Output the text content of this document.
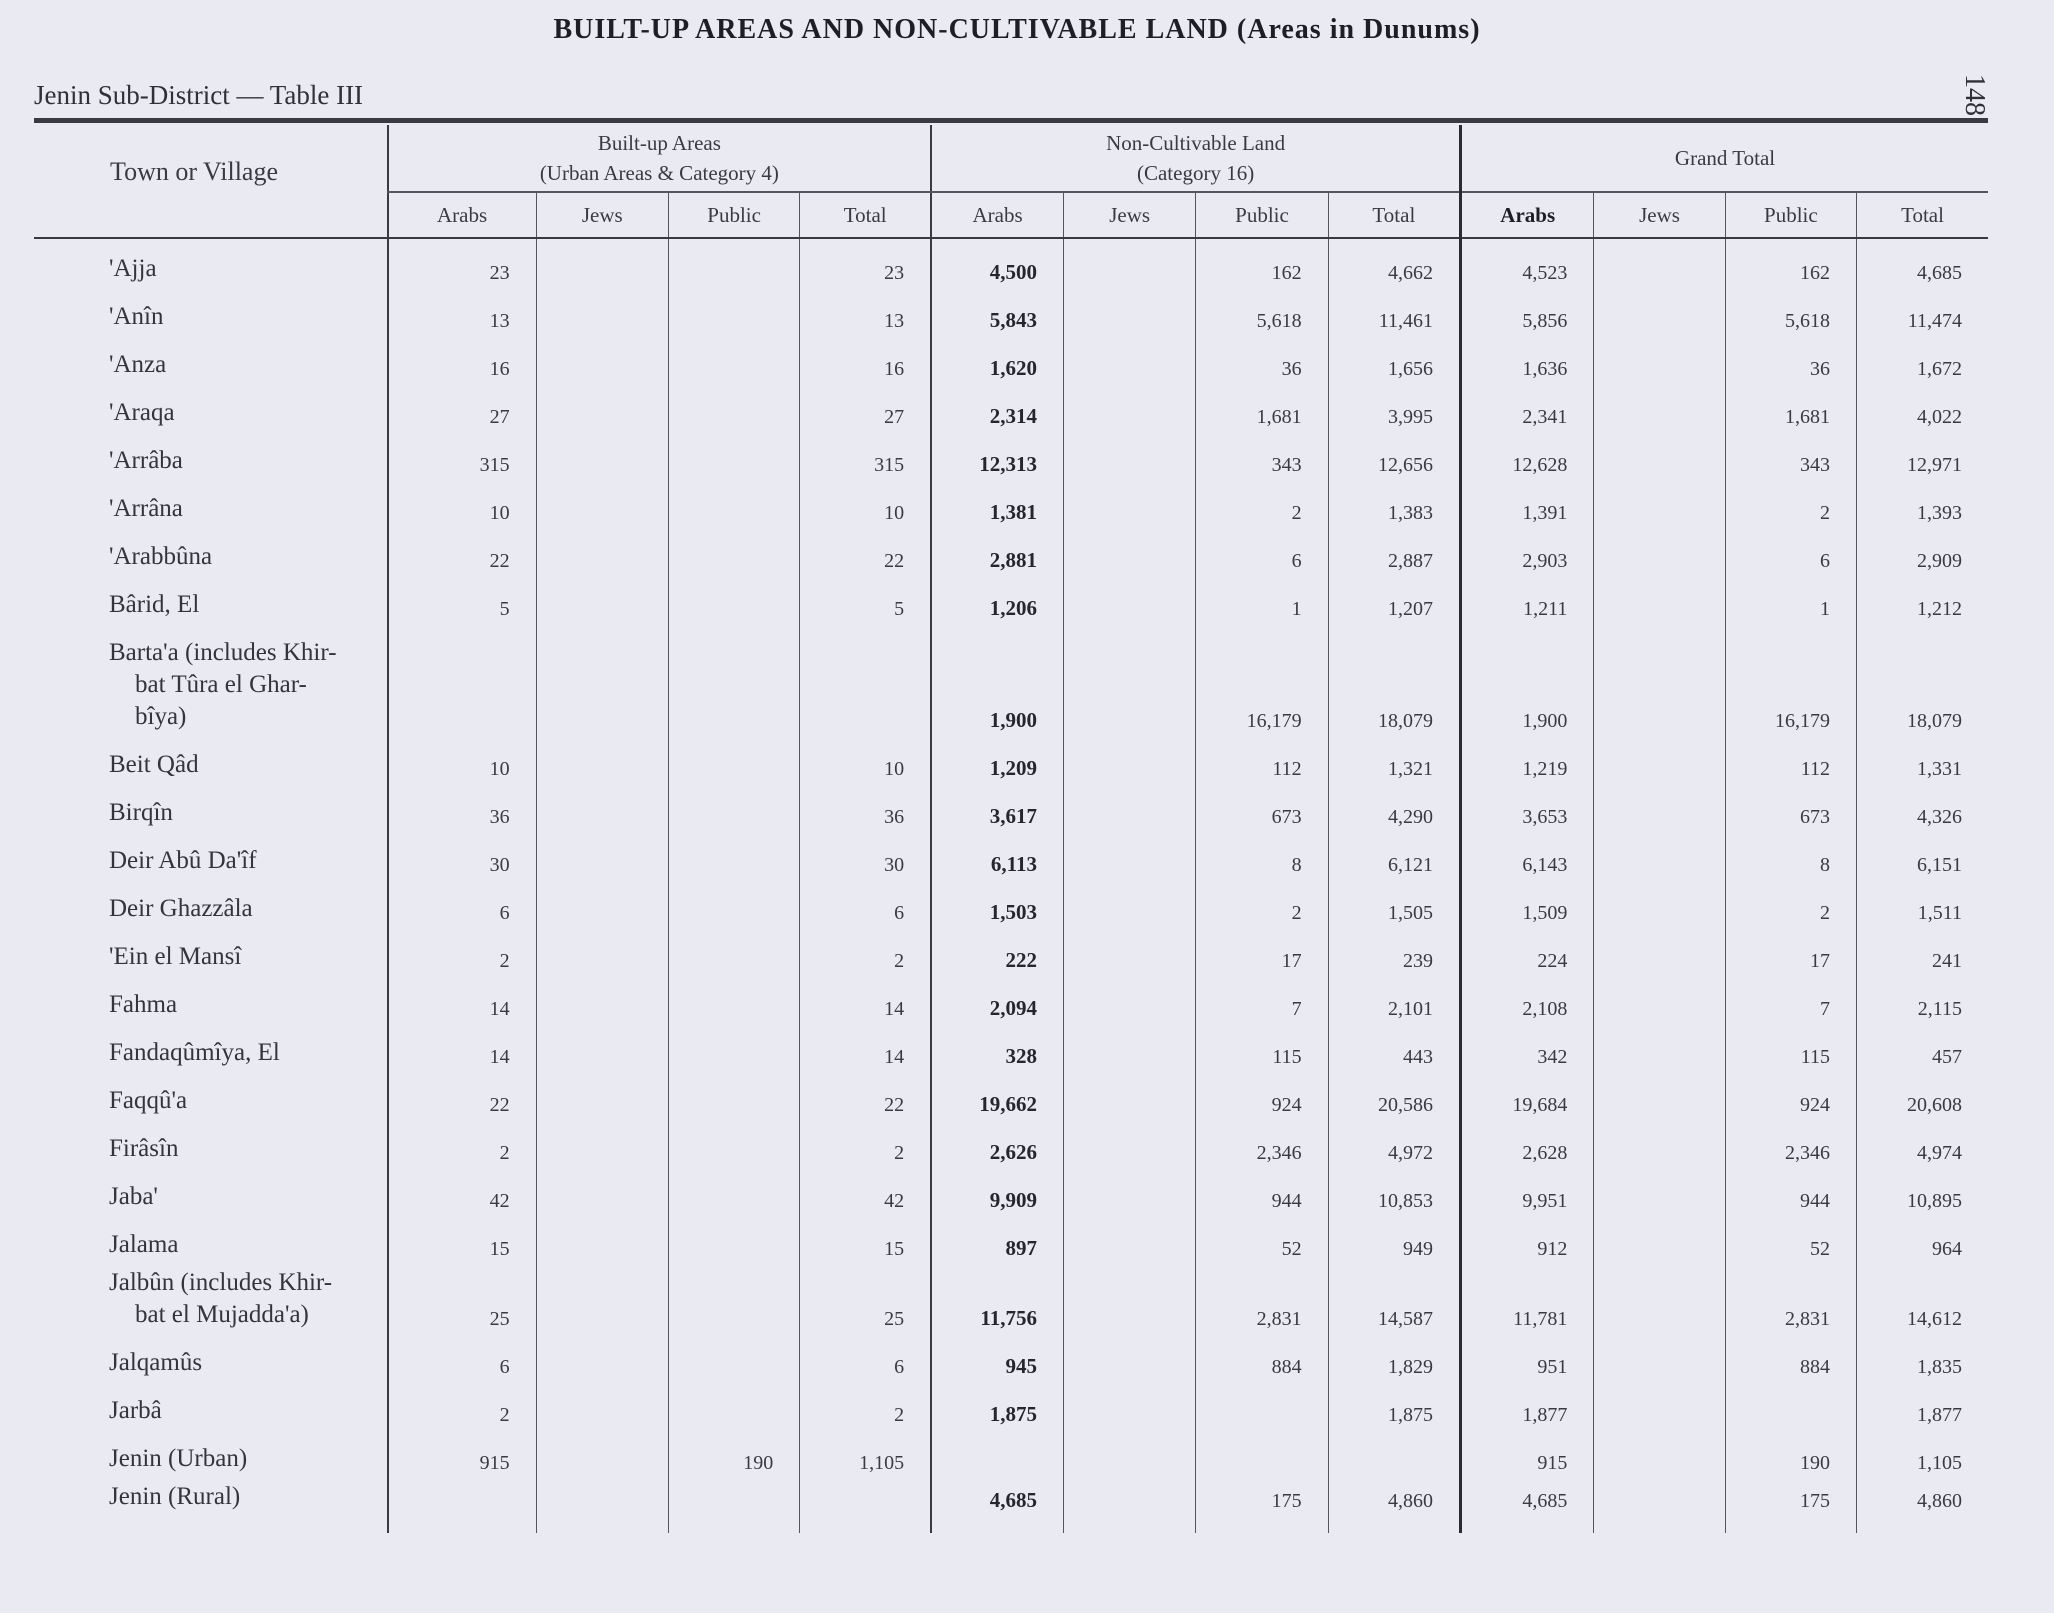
BUILT-UP AREAS AND NON-CULTIVABLE LAND (Areas in Dunums)
Jenin Sub-District — Table III	148
Town or Village	Built-up Areas
(Urban Areas & Category 4)				Non-Cultivable Land
(Category 16)				Grand Total			
	Arabs	Jews	Public	Total	Arabs	Jews	Public	Total	Arabs	Jews	Public	Total
'Ajja	23			23	4,500		162	4,662	4,523		162	4,685
'Anîn	13			13	5,843		5,618	11,461	5,856		5,618	11,474
'Anza	16			16	1,620		36	1,656	1,636		36	1,672
'Araqa	27			27	2,314		1,681	3,995	2,341		1,681	4,022
'Arrâba	315			315	12,313		343	12,656	12,628		343	12,971
'Arrâna	10			10	1,381		2	1,383	1,391		2	1,393
'Arabbûna	22			22	2,881		6	2,887	2,903		6	2,909
Bârid, El	5			5	1,206		1	1,207	1,211		1	1,212

Barta'a (includes Khir-
bat Tûra el Ghar-
bîya)					1,900		16,179	18,079	1,900		16,179	18,079
Beit Qâd	10			10	1,209		112	1,321	1,219		112	1,331
Birqîn	36			36	3,617		673	4,290	3,653		673	4,326
Deir Abû Da'îf	30			30	6,113		8	6,121	6,143		8	6,151
Deir Ghazzâla	6			6	1,503		2	1,505	1,509		2	1,511
'Ein el Mansî	2			2	222		17	239	224		17	241
Fahma	14			14	2,094		7	2,101	2,108		7	2,115
Fandaqûmîya, El	14			14	328		115	443	342		115	457
Faqqû'a	22			22	19,662		924	20,586	19,684		924	20,608
Firâsîn	2			2	2,626		2,346	4,972	2,628		2,346	4,974
Jaba'	42			42	9,909		944	10,853	9,951		944	10,895
Jalama	15			15	897		52	949	912		52	964

Jalbûn (includes Khir-
bat el Mujadda'a)	25			25	11,756		2,831	14,587	11,781		2,831	14,612
Jalqamûs	6			6	945		884	1,829	951		884	1,835
Jarbâ	2			2	1,875			1,875	1,877			1,877
Jenin (Urban)	915		190	1,105					915		190	1,105
Jenin (Rural)					4,685		175	4,860	4,685		175	4,860
